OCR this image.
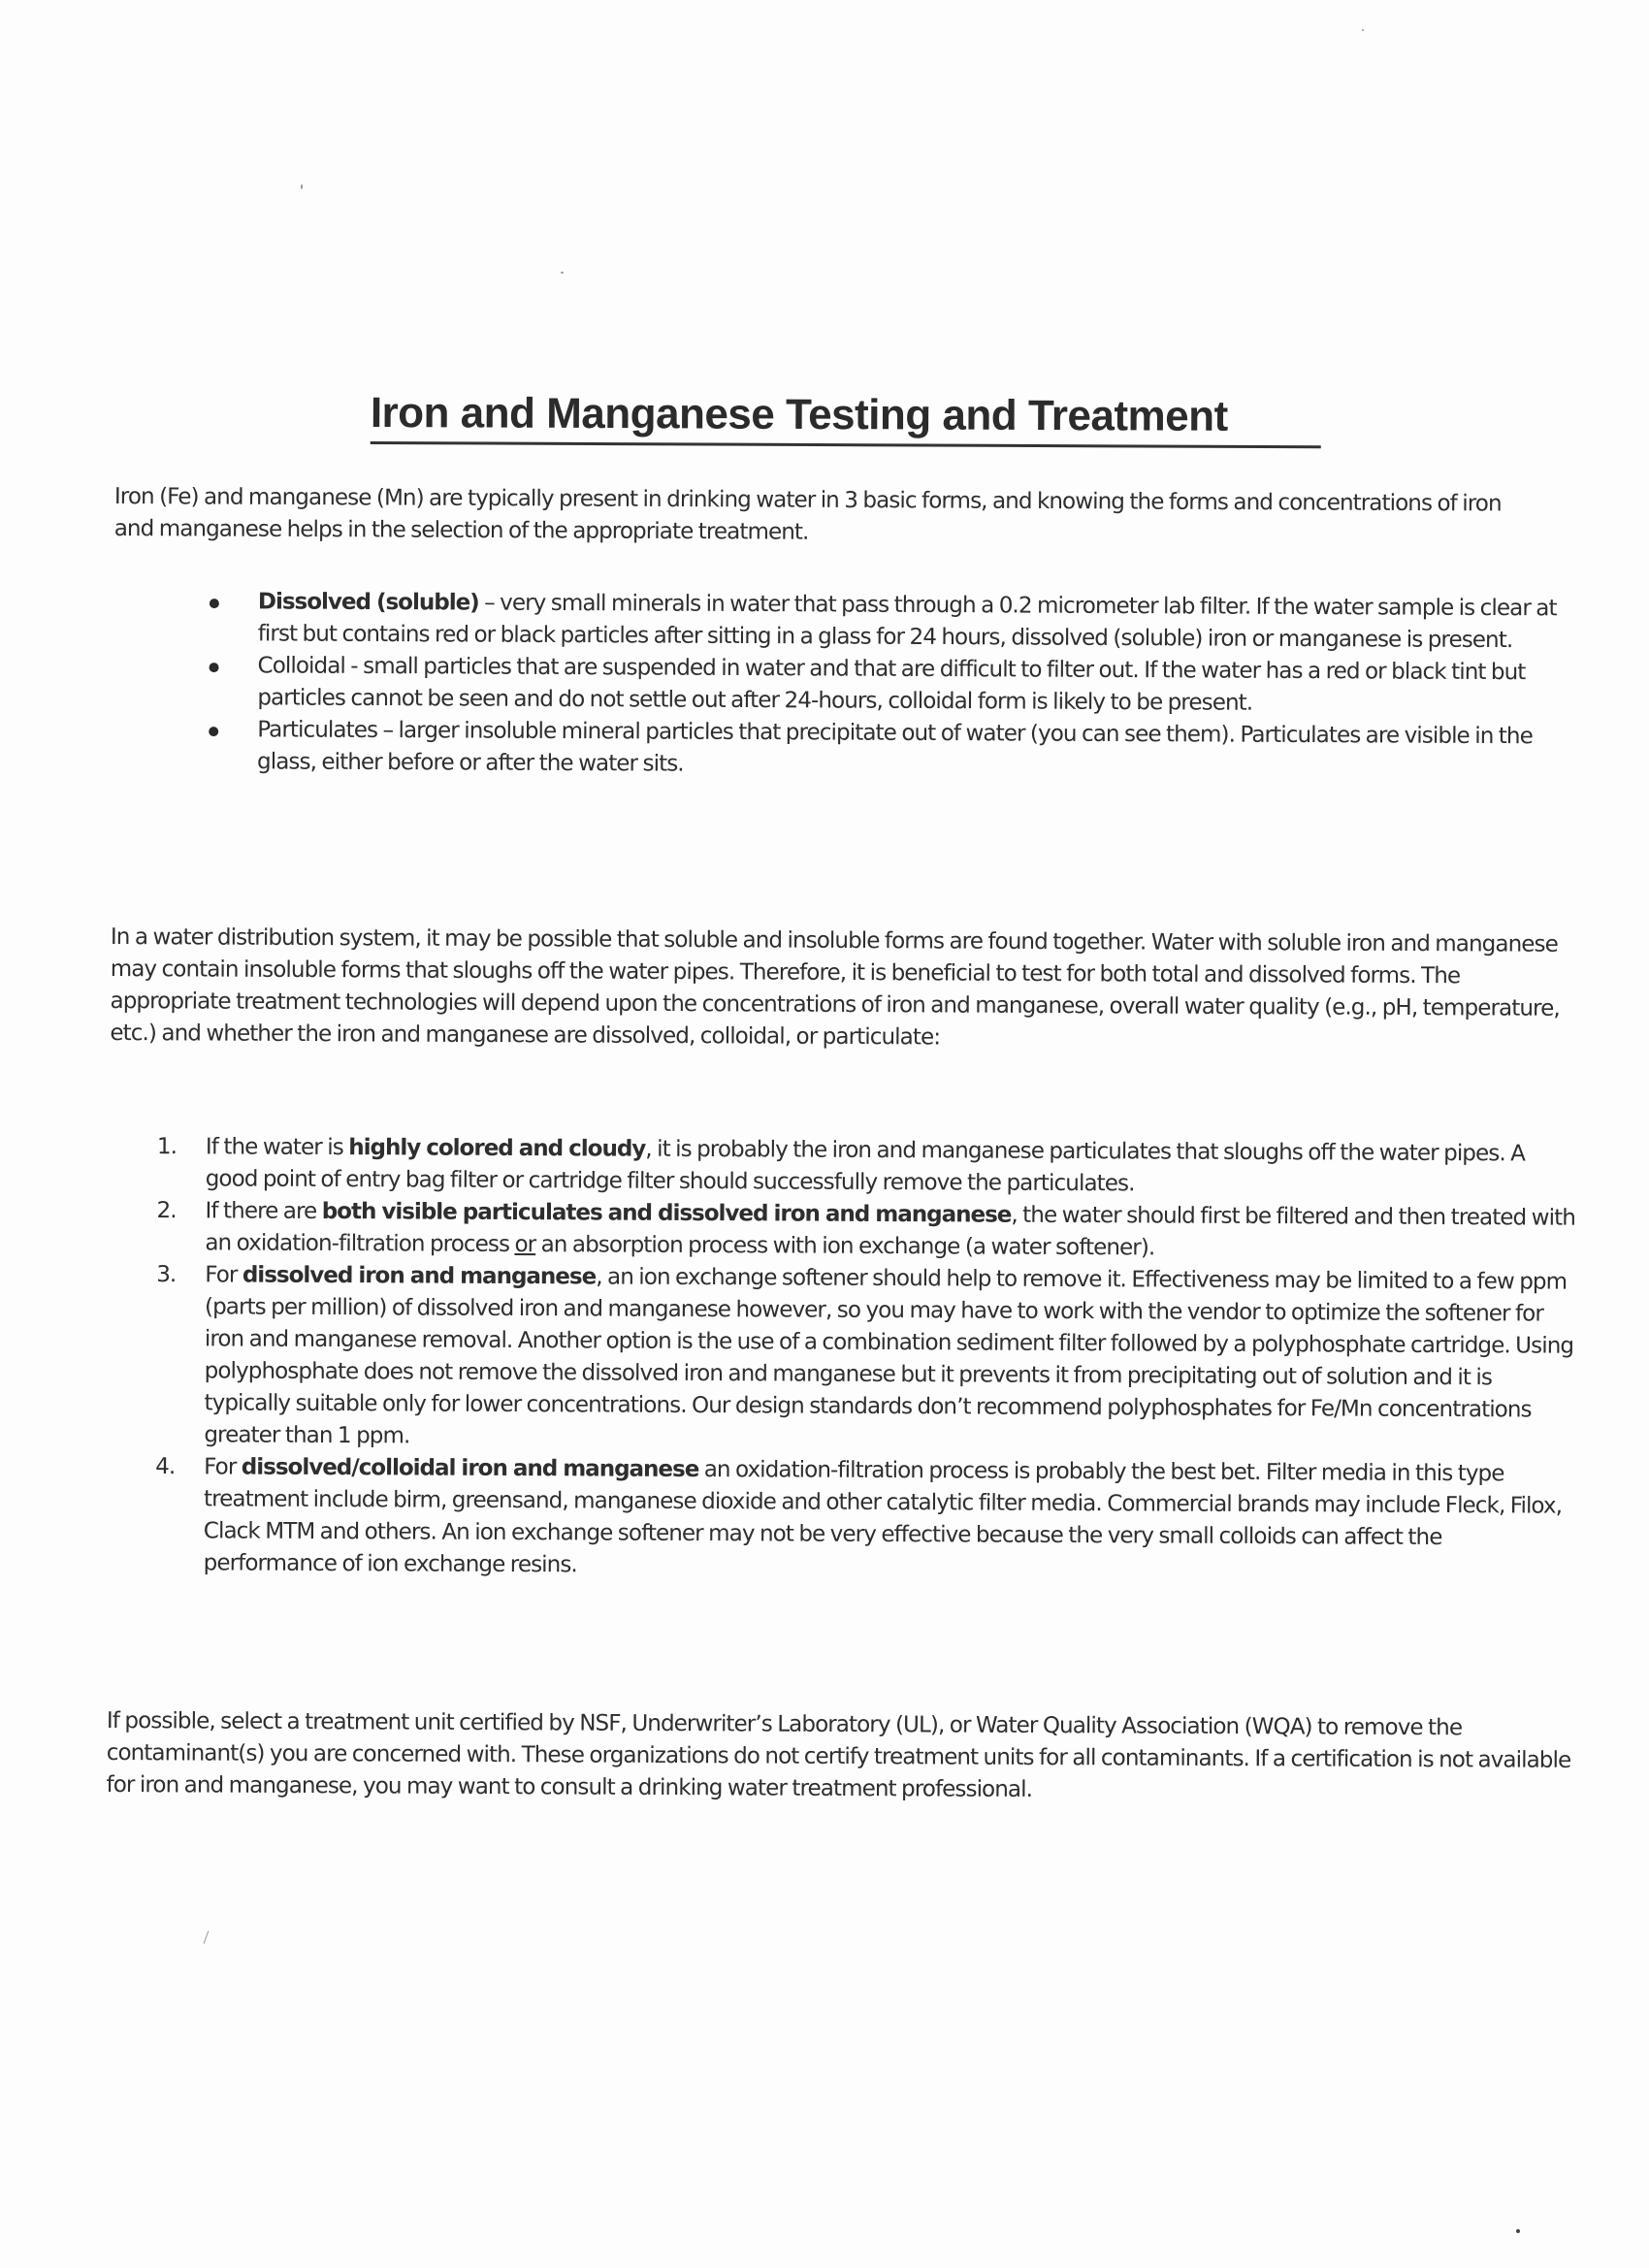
Iron and Manganese Testing and Treatment

Iron (Fe) and manganese (Mn) are typically present in drinking water in 3 basic forms, and knowing the forms and concentrations of iron and manganese helps in the selection of the appropriate treatment.

Dissolved (soluble) – very small minerals in water that pass through a 0.2 micrometer lab filter. If the water sample is clear at first but contains red or black particles after sitting in a glass for 24 hours, dissolved (soluble) iron or manganese is present.
Colloidal - small particles that are suspended in water and that are difficult to filter out. If the water has a red or black tint but particles cannot be seen and do not settle out after 24-hours, colloidal form is likely to be present.
Particulates – larger insoluble mineral particles that precipitate out of water (you can see them). Particulates are visible in the glass, either before or after the water sits.

In a water distribution system, it may be possible that soluble and insoluble forms are found together. Water with soluble iron and manganese may contain insoluble forms that sloughs off the water pipes. Therefore, it is beneficial to test for both total and dissolved forms. The appropriate treatment technologies will depend upon the concentrations of iron and manganese, overall water quality (e.g., pH, temperature, etc.) and whether the iron and manganese are dissolved, colloidal, or particulate:

1. If the water is highly colored and cloudy, it is probably the iron and manganese particulates that sloughs off the water pipes. A good point of entry bag filter or cartridge filter should successfully remove the particulates.
2. If there are both visible particulates and dissolved iron and manganese, the water should first be filtered and then treated with an oxidation-filtration process or an absorption process with ion exchange (a water softener).
3. For dissolved iron and manganese, an ion exchange softener should help to remove it. Effectiveness may be limited to a few ppm (parts per million) of dissolved iron and manganese however, so you may have to work with the vendor to optimize the softener for iron and manganese removal. Another option is the use of a combination sediment filter followed by a polyphosphate cartridge. Using polyphosphate does not remove the dissolved iron and manganese but it prevents it from precipitating out of solution and it is typically suitable only for lower concentrations. Our design standards don’t recommend polyphosphates for Fe/Mn concentrations greater than 1 ppm.
4. For dissolved/colloidal iron and manganese an oxidation-filtration process is probably the best bet. Filter media in this type treatment include birm, greensand, manganese dioxide and other catalytic filter media. Commercial brands may include Fleck, Filox, Clack MTM and others. An ion exchange softener may not be very effective because the very small colloids can affect the performance of ion exchange resins.

If possible, select a treatment unit certified by NSF, Underwriter’s Laboratory (UL), or Water Quality Association (WQA) to remove the contaminant(s) you are concerned with. These organizations do not certify treatment units for all contaminants. If a certification is not available for iron and manganese, you may want to consult a drinking water treatment professional.
